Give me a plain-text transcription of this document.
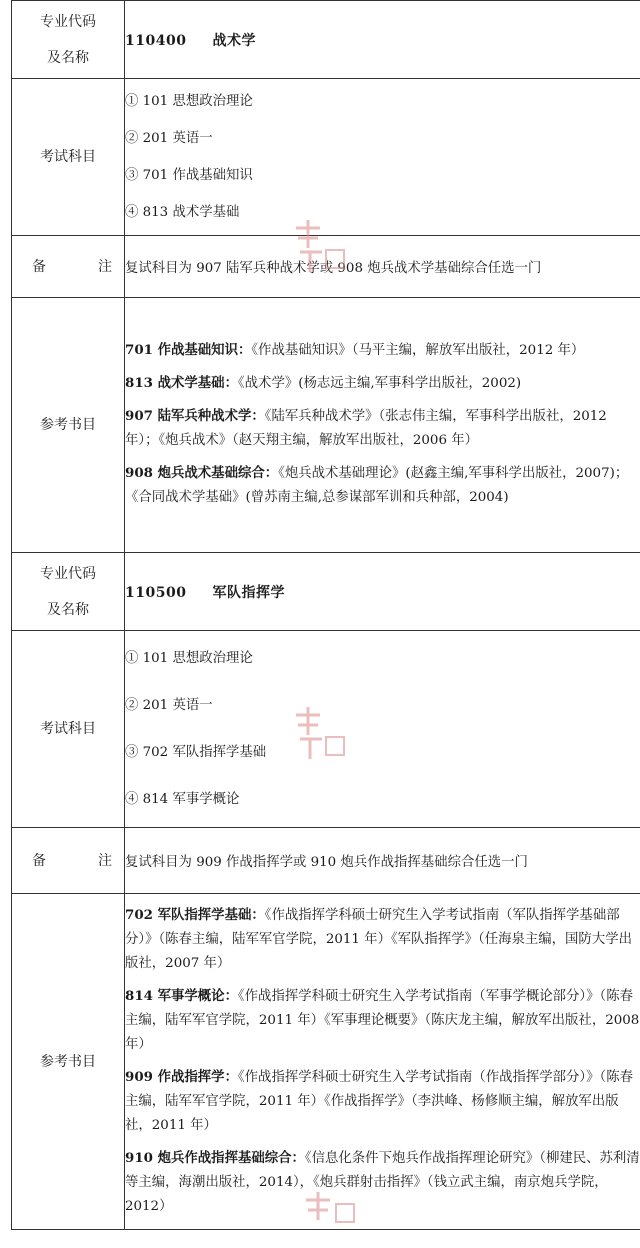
专业代码
及名称	110400 战术学

考试科目	① 101 思想政治理论
② 201 英语一
③ 701 作战基础知识
④ 813 战术学基础

备 注	复试科目为 907 陆军兵种战术学或 908 炮兵战术学基础综合任选一门
参考书目	701 作战基础知识：《作战基础知识》（马平主编，解放军出版社，2012 年）

813 战术学基础：《战术学》(杨志远主编,军事科学出版社，2002)

907 陆军兵种战术学：《陆军兵种战术学》（张志伟主编，军事科学出版社，2012 年）；《炮兵战术》（赵天翔主编，解放军出版社，2006 年）

908 炮兵战术基础综合：《炮兵战术基础理论》(赵鑫主编,军事科学出版社，2007)；《合同战术学基础》(曾苏南主编,总参谋部军训和兵种部，2004)

专业代码
及名称	110500 军队指挥学

考试科目	① 101 思想政治理论
② 201 英语一
③ 702 军队指挥学基础
④ 814 军事学概论

备 注	复试科目为 909 作战指挥学或 910 炮兵作战指挥基础综合任选一门
参考书目	702 军队指挥学基础：《作战指挥学科硕士研究生入学考试指南（军队指挥学基础部分）》（陈春主编，陆军军官学院，2011 年）《军队指挥学》（任海泉主编，国防大学出版社，2007 年）

814 军事学概论：《作战指挥学科硕士研究生入学考试指南（军事学概论部分）》（陈春主编，陆军军官学院，2011 年）《军事理论概要》（陈庆龙主编，解放军出版社，2008 年）

909 作战指挥学：《作战指挥学科硕士研究生入学考试指南（作战指挥学部分）》（陈春主编，陆军军官学院，2011 年）《作战指挥学》（李洪峰、杨修顺主编，解放军出版社，2011 年）

910 炮兵作战指挥基础综合：《信息化条件下炮兵作战指挥理论研究》（柳建民、苏利清等主编，海潮出版社，2014），《炮兵群射击指挥》（钱立武主编，南京炮兵学院，2012）
